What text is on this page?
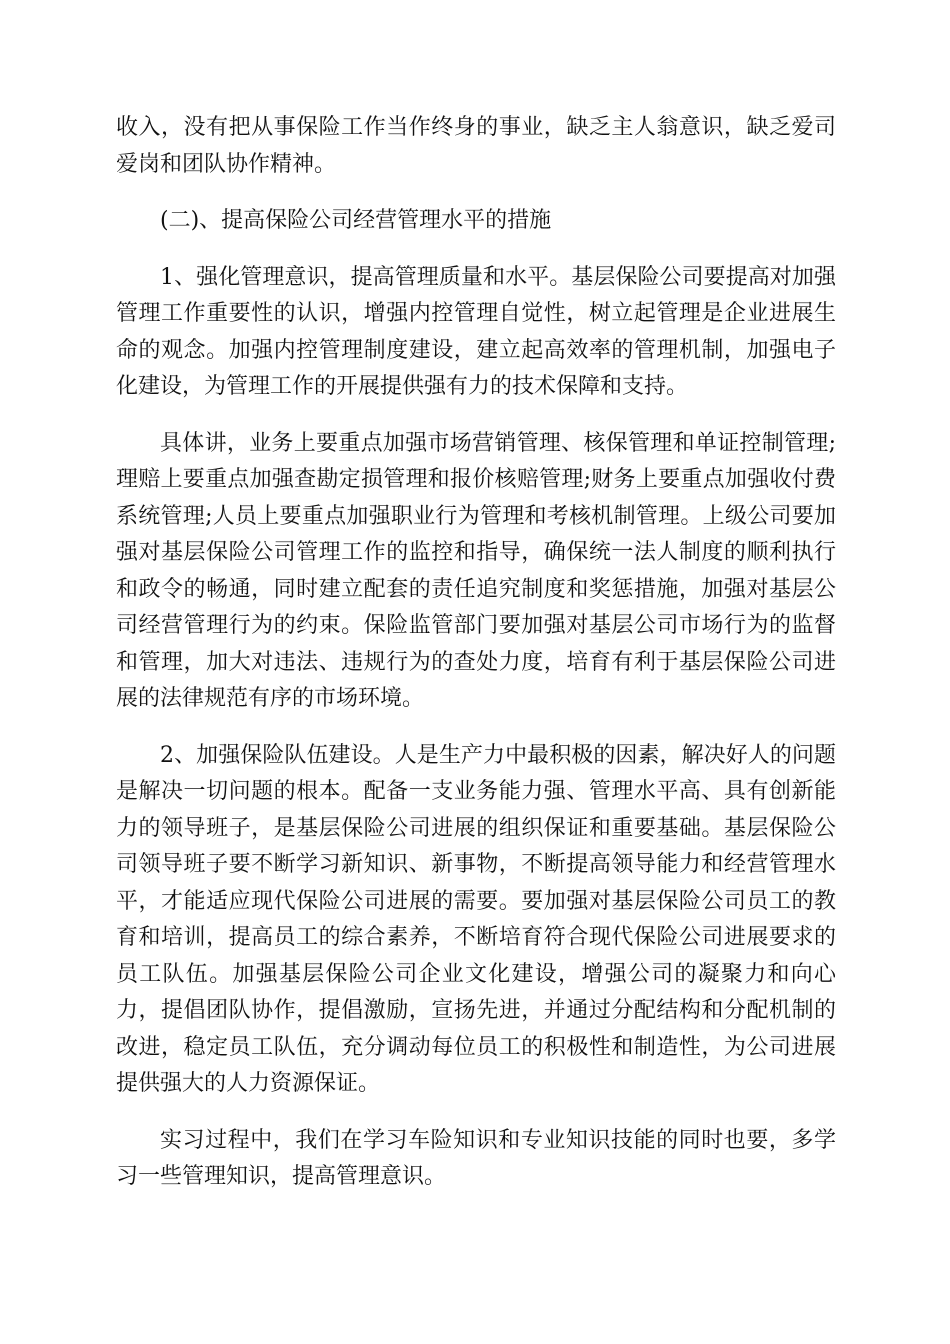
收入，没有把从事保险工作当作终身的事业，缺乏主人翁意识，缺乏爱司爱岗和团队协作精神。

(二)、提高保险公司经营管理水平的措施

1、强化管理意识，提高管理质量和水平。基层保险公司要提高对加强管理工作重要性的认识，增强内控管理自觉性，树立起管理是企业进展生命的观念。加强内控管理制度建设，建立起高效率的管理机制，加强电子化建设，为管理工作的开展提供强有力的技术保障和支持。

具体讲，业务上要重点加强市场营销管理、核保管理和单证控制管理;理赔上要重点加强查勘定损管理和报价核赔管理;财务上要重点加强收付费系统管理;人员上要重点加强职业行为管理和考核机制管理。上级公司要加强对基层保险公司管理工作的监控和指导，确保统一法人制度的顺利执行和政令的畅通，同时建立配套的责任追究制度和奖惩措施，加强对基层公司经营管理行为的约束。保险监管部门要加强对基层公司市场行为的监督和管理，加大对违法、违规行为的查处力度，培育有利于基层保险公司进展的法律规范有序的市场环境。

2、加强保险队伍建设。人是生产力中最积极的因素，解决好人的问题是解决一切问题的根本。配备一支业务能力强、管理水平高、具有创新能力的领导班子，是基层保险公司进展的组织保证和重要基础。基层保险公司领导班子要不断学习新知识、新事物，不断提高领导能力和经营管理水平，才能适应现代保险公司进展的需要。要加强对基层保险公司员工的教育和培训，提高员工的综合素养，不断培育符合现代保险公司进展要求的员工队伍。加强基层保险公司企业文化建设，增强公司的凝聚力和向心力，提倡团队协作，提倡激励，宣扬先进，并通过分配结构和分配机制的改进，稳定员工队伍，充分调动每位员工的积极性和制造性，为公司进展提供强大的人力资源保证。

实习过程中，我们在学习车险知识和专业知识技能的同时也要，多学习一些管理知识，提高管理意识。
